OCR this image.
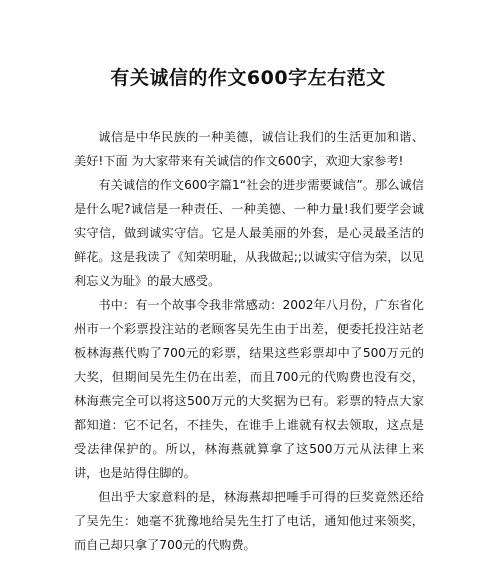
有关诚信的作文600字左右范文

诚信是中华民族的一种美德，诚信让我们的生活更加和谐、美好!下面 为大家带来有关诚信的作文600字，欢迎大家参考!

有关诚信的作文600字篇1“社会的进步需要诚信”。那么诚信是什么呢?诚信是一种责任、一种美德、一种力量!我们要学会诚实守信，做到诚实守信。它是人最美丽的外套，是心灵最圣洁的鲜花。这是我读了《知荣明耻，从我做起;;以诚实守信为荣，以见利忘义为耻》的最大感受。

书中：有一个故事令我非常感动：2002年八月份，广东省化州市一个彩票投注站的老顾客吴先生由于出差，便委托投注站老板林海燕代购了700元的彩票，结果这些彩票却中了500万元的大奖，但期间吴先生仍在出差，而且700元的代购费也没有交，林海燕完全可以将这500万元的大奖据为已有。彩票的特点大家都知道：它不记名，不挂失，在谁手上谁就有权去领取，这点是受法律保护的。所以，林海燕就算拿了这500万元从法律上来讲，也是站得住脚的。

但出乎大家意料的是，林海燕却把唾手可得的巨奖竟然还给了吴先生：她毫不犹豫地给吴先生打了电话，通知他过来领奖，而自己却只拿了700元的代购费。
